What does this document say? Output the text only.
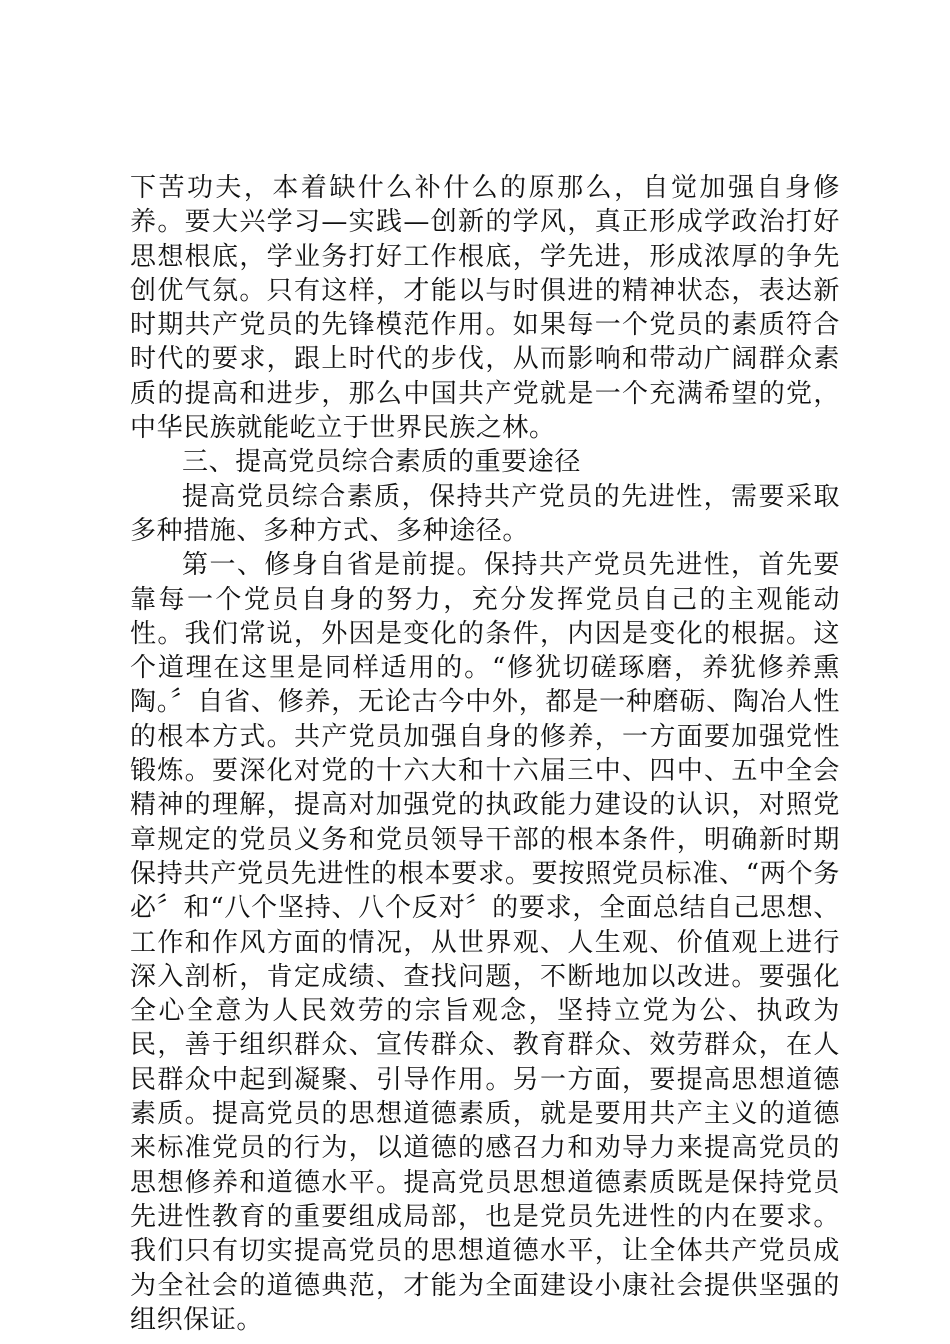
下苦功夫，本着缺什么补什么的原那么，自觉加强自身修养。要大兴学习—实践—创新的学风，真正形成学政治打好思想根底，学业务打好工作根底，学先进，形成浓厚的争先创优气氛。只有这样，才能以与时俱进的精神状态，表达新时期共产党员的先锋模范作用。如果每一个党员的素质符合时代的要求，跟上时代的步伐，从而影响和带动广阔群众素质的提高和进步，那么中国共产党就是一个充满希望的党，中华民族就能屹立于世界民族之林。

三、提高党员综合素质的重要途径

提高党员综合素质，保持共产党员的先进性，需要采取多种措施、多种方式、多种途径。

第一、修身自省是前提。保持共产党员先进性，首先要靠每一个党员自身的努力，充分发挥党员自己的主观能动性。我们常说，外因是变化的条件，内因是变化的根据。这个道理在这里是同样适用的。“修犹切磋琢磨，养犹修养熏陶。〞自省、修养，无论古今中外，都是一种磨砺、陶冶人性的根本方式。共产党员加强自身的修养，一方面要加强党性锻炼。要深化对党的十六大和十六届三中、四中、五中全会精神的理解，提高对加强党的执政能力建设的认识，对照党章规定的党员义务和党员领导干部的根本条件，明确新时期保持共产党员先进性的根本要求。要按照党员标准、“两个务必〞和“八个坚持、八个反对〞的要求，全面总结自己思想、工作和作风方面的情况，从世界观、人生观、价值观上进行深入剖析，肯定成绩、查找问题，不断地加以改进。要强化全心全意为人民效劳的宗旨观念，坚持立党为公、执政为民，善于组织群众、宣传群众、教育群众、效劳群众，在人民群众中起到凝聚、引导作用。另一方面，要提高思想道德素质。提高党员的思想道德素质，就是要用共产主义的道德来标准党员的行为，以道德的感召力和劝导力来提高党员的思想修养和道德水平。提高党员思想道德素质既是保持党员先进性教育的重要组成局部，也是党员先进性的内在要求。我们只有切实提高党员的思想道德水平，让全体共产党员成为全社会的道德典范，才能为全面建设小康社会提供坚强的组织保证。
